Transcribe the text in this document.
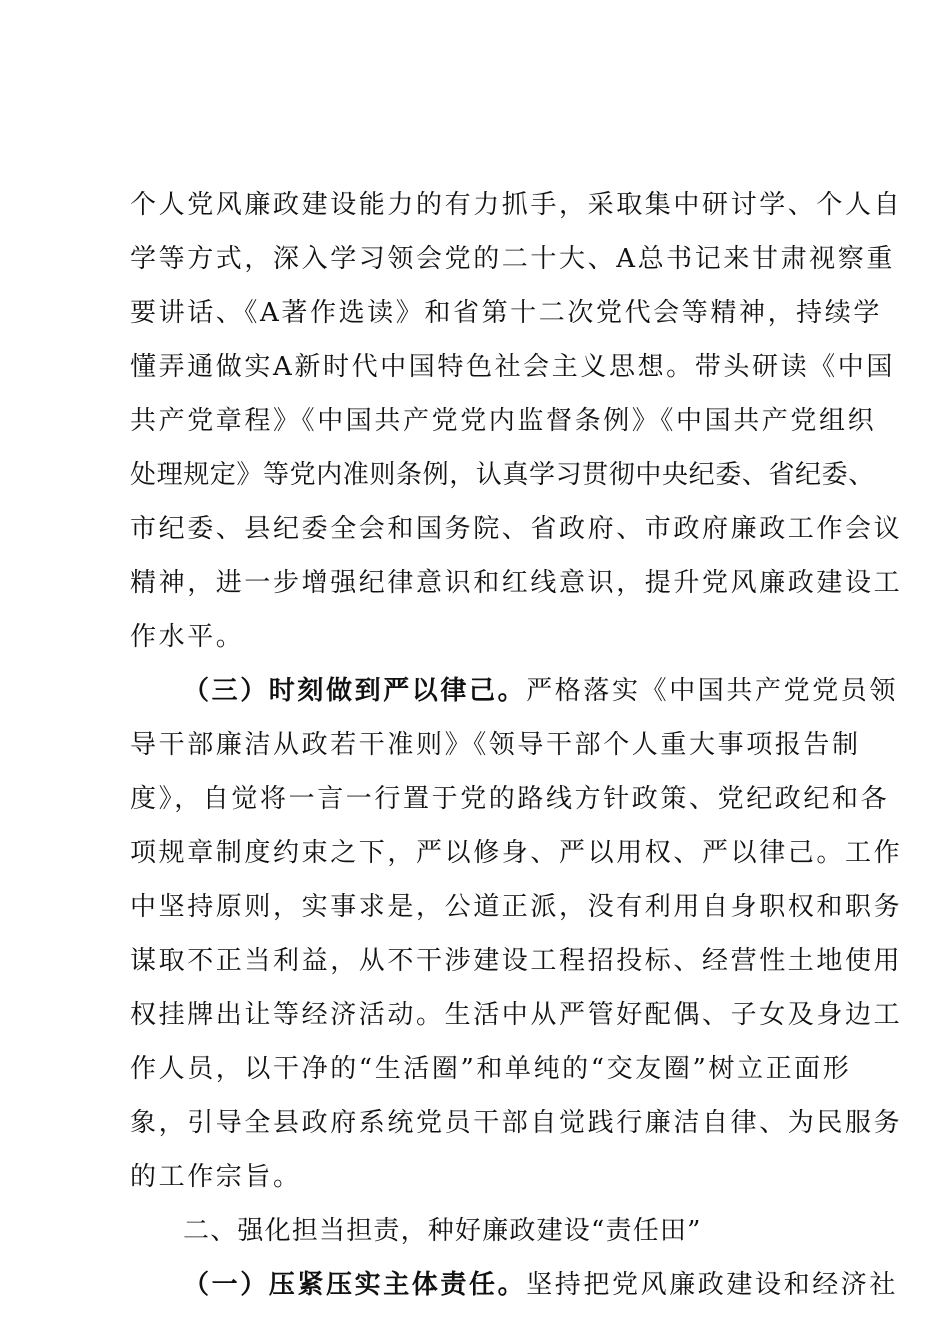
个人党风廉政建设能力的有力抓手，采取集中研讨学、个人自
学等方式，深入学习领会党的二十大、A总书记来甘肃视察重
要讲话、《A著作选读》和省第十二次党代会等精神，持续学
懂弄通做实A新时代中国特色社会主义思想。带头研读《中国
共产党章程》《中国共产党党内监督条例》《中国共产党组织
处理规定》等党内准则条例，认真学习贯彻中央纪委、省纪委、
市纪委、县纪委全会和国务院、省政府、市政府廉政工作会议
精神，进一步增强纪律意识和红线意识，提升党风廉政建设工
作水平。
（三）时刻做到严以律己。严格落实《中国共产党党员领
导干部廉洁从政若干准则》《领导干部个人重大事项报告制
度》，自觉将一言一行置于党的路线方针政策、党纪政纪和各
项规章制度约束之下，严以修身、严以用权、严以律己。工作
中坚持原则，实事求是，公道正派，没有利用自身职权和职务
谋取不正当利益，从不干涉建设工程招投标、经营性土地使用
权挂牌出让等经济活动。生活中从严管好配偶、子女及身边工
作人员，以干净的“生活圈”和单纯的“交友圈”树立正面形
象，引导全县政府系统党员干部自觉践行廉洁自律、为民服务
的工作宗旨。
二、强化担当担责，种好廉政建设“责任田”
（一）压紧压实主体责任。坚持把党风廉政建设和经济社
